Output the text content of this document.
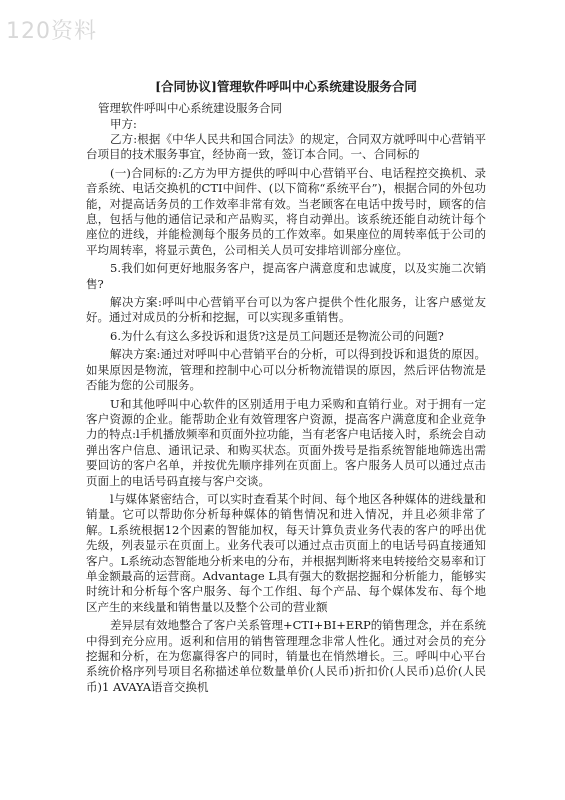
120资料

[合同协议]管理软件呼叫中心系统建设服务合同

管理软件呼叫中心系统建设服务合同

甲方:

乙方:根据《中华人民共和国合同法》的规定，合同双方就呼叫中心营销平台项目的技术服务事宜，经协商一致，签订本合同。一、合同标的

(一)合同标的:乙方为甲方提供的呼叫中心营销平台、电话程控交换机、录音系统、电话交换机的CTI中间件、(以下简称“系统平台”)，根据合同的外包功能，对提高话务员的工作效率非常有效。当老顾客在电话中拨号时，顾客的信息，包括与他的通信记录和产品购买，将自动弹出。该系统还能自动统计每个座位的进线，并能检测每个服务员的工作效率。如果座位的周转率低于公司的平均周转率，将显示黄色，公司相关人员可安排培训部分座位。

5.我们如何更好地服务客户，提高客户满意度和忠诚度，以及实施二次销售?

解决方案:呼叫中心营销平台可以为客户提供个性化服务，让客户感觉友好。通过对成员的分析和挖掘，可以实现多重销售。

6.为什么有这么多投诉和退货?这是员工问题还是物流公司的问题?

解决方案:通过对呼叫中心营销平台的分析，可以得到投诉和退货的原因。如果原因是物流，管理和控制中心可以分析物流错误的原因，然后评估物流是否能为您的公司服务。

U和其他呼叫中心软件的区别适用于电力采购和直销行业。对于拥有一定客户资源的企业。能帮助企业有效管理客户资源，提高客户满意度和企业竞争力的特点:l手机播放频率和页面外拉功能，当有老客户电话接入时，系统会自动弹出客户信息、通讯记录、和购买状态。页面外拨号是指系统智能地筛选出需要回访的客户名单，并按优先顺序排列在页面上。客户服务人员可以通过点击页面上的电话号码直接与客户交谈。

l与媒体紧密结合，可以实时查看某个时间、每个地区各种媒体的进线量和销量。它可以帮助你分析每种媒体的销售情况和进入情况，并且必须非常了解。L系统根据12个因素的智能加权，每天计算负责业务代表的客户的呼出优先级，列表显示在页面上。业务代表可以通过点击页面上的电话号码直接通知客户。L系统动态智能地分析来电的分布，并根据判断将来电转接给交易率和订单金额最高的运营商。Advantage L具有强大的数据挖掘和分析能力，能够实时统计和分析每个客户服务、每个工作组、每个产品、每个媒体发布、每个地区产生的来线量和销售量以及整个公司的营业额

差异层有效地整合了客户关系管理+CTI+BI+ERP的销售理念，并在系统中得到充分应用。返利和信用的销售管理理念非常人性化。通过对会员的充分挖掘和分析，在为您赢得客户的同时，销量也在悄然增长。三。呼叫中心平台系统价格序列号项目名称描述单位数量单价(人民币)折扣价(人民币)总价(人民币)1 AVAYA语音交换机
